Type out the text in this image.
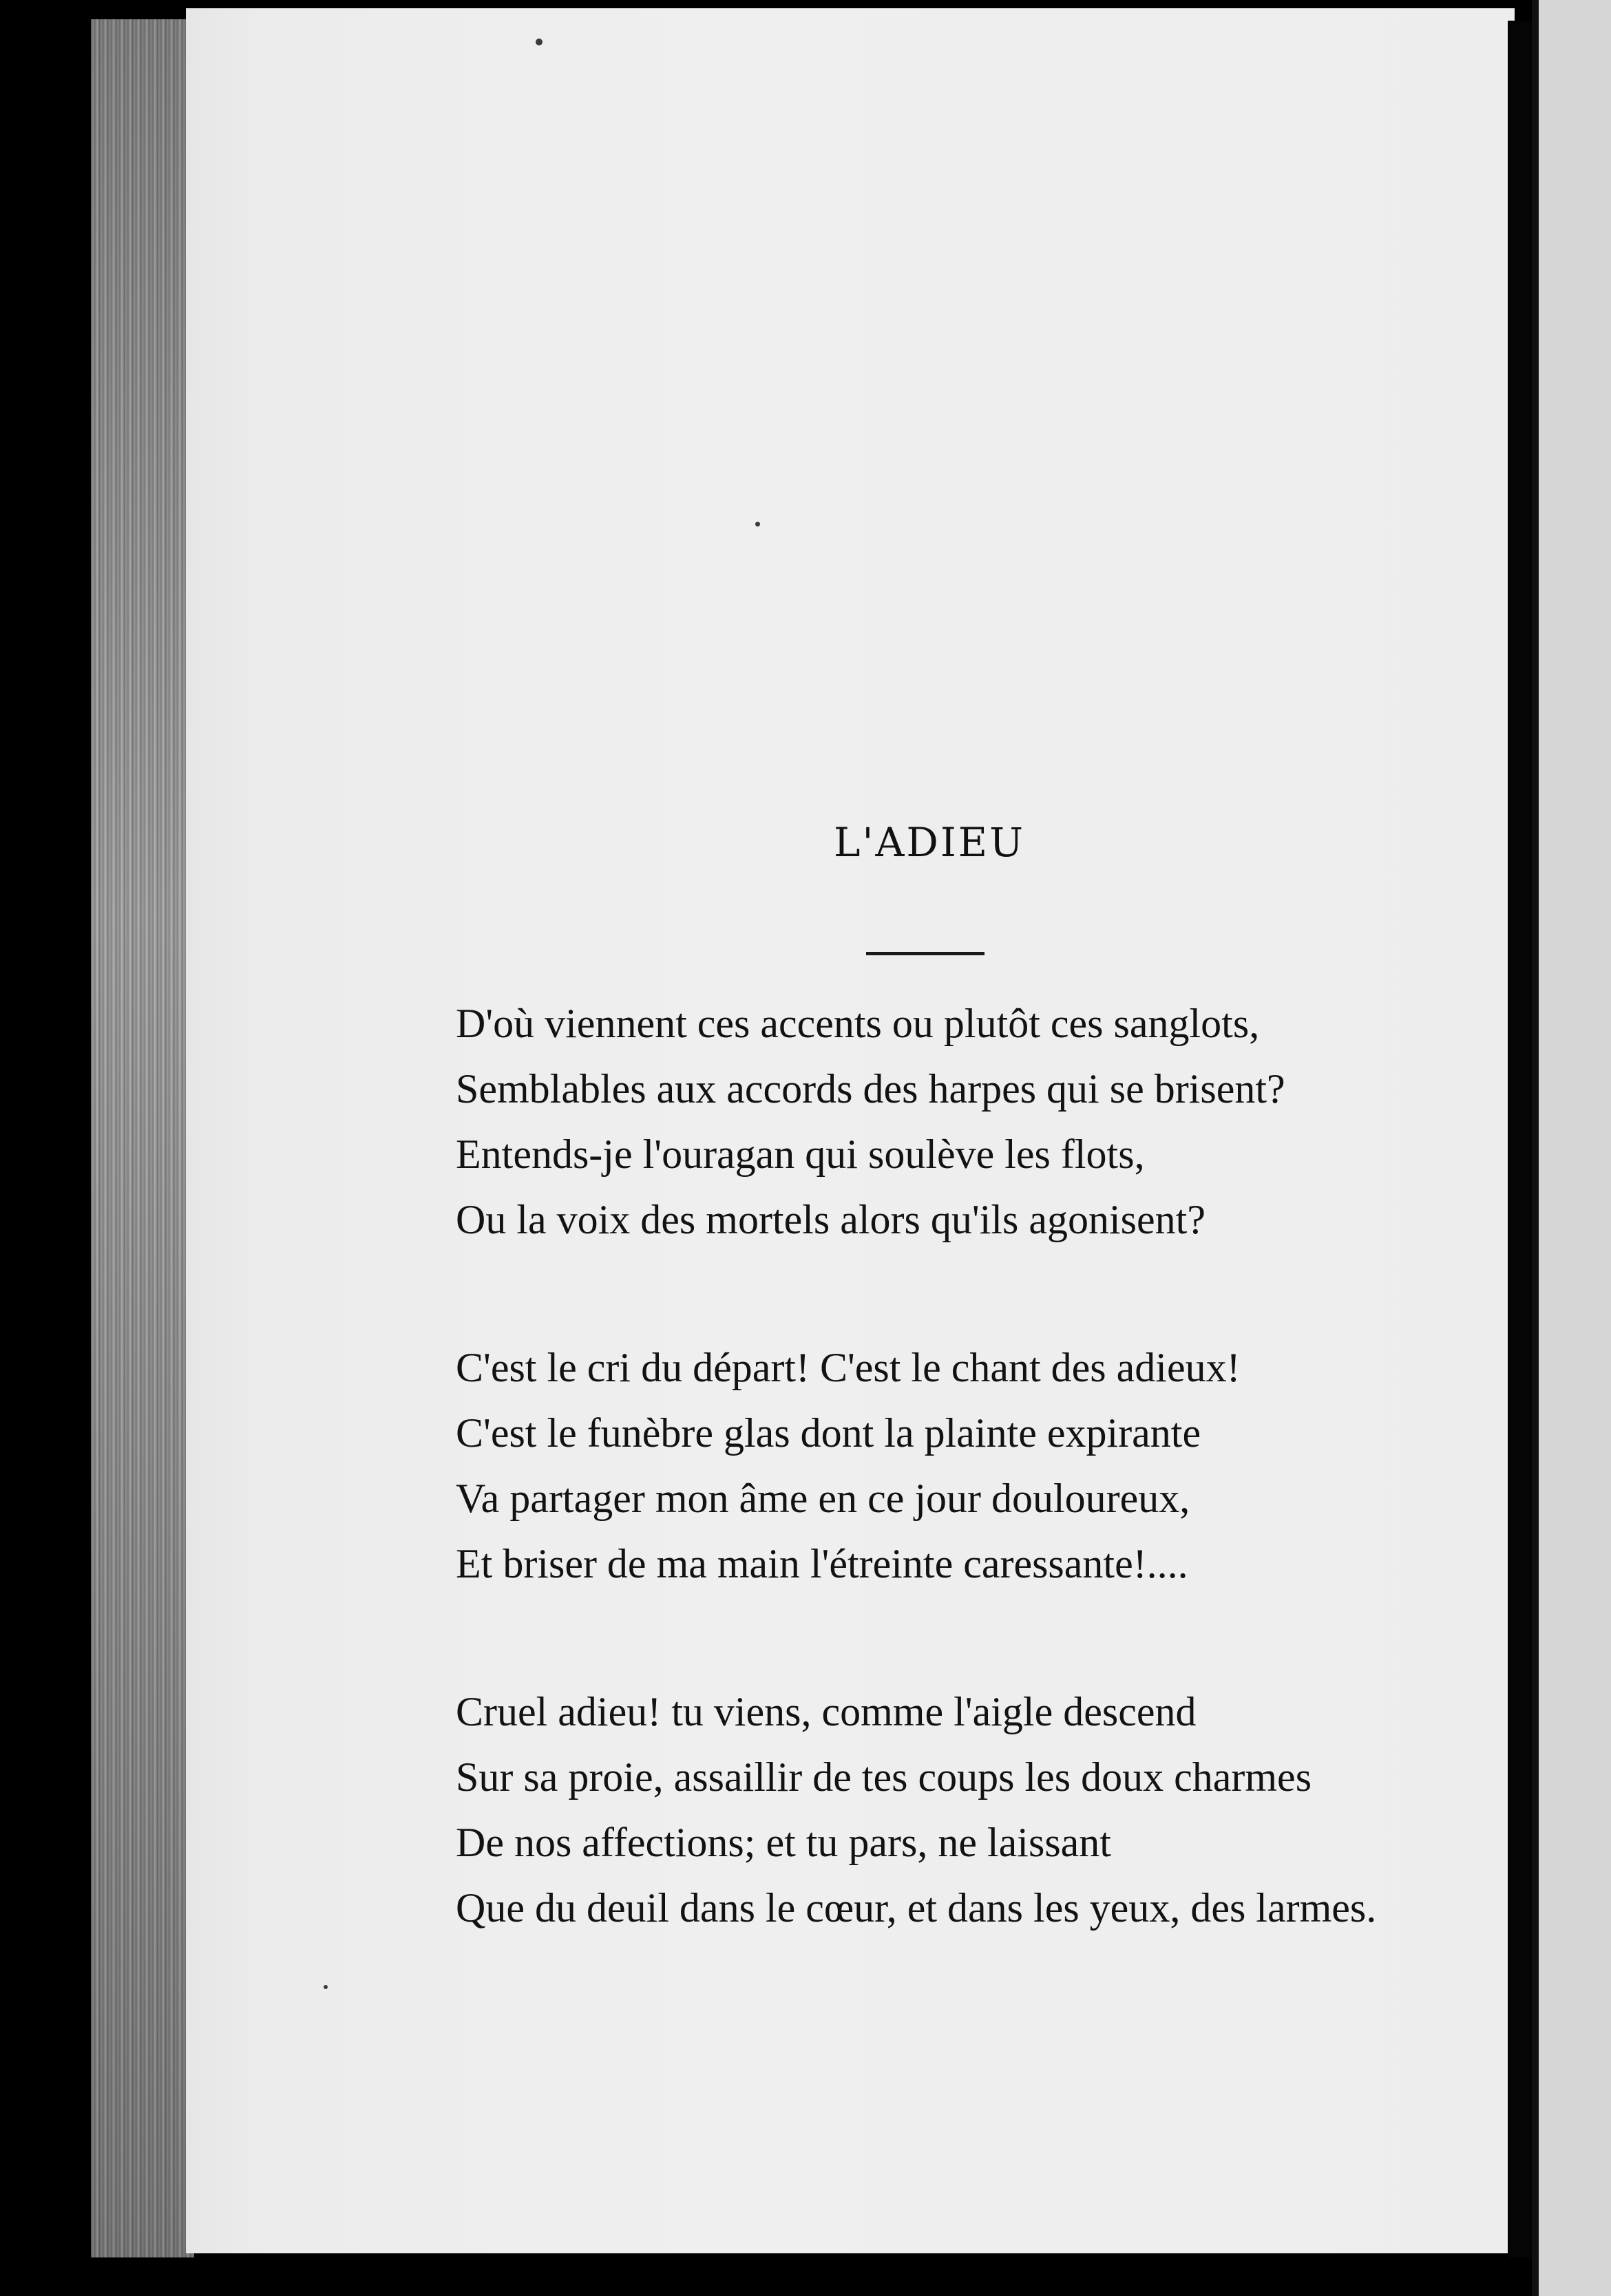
L'ADIEU
D'où viennent ces accents ou plutôt ces sanglots,
Semblables aux accords des harpes qui se brisent?
Entends-je l'ouragan qui soulève les flots,
Ou la voix des mortels alors qu'ils agonisent?
C'est le cri du départ! C'est le chant des adieux!
C'est le funèbre glas dont la plainte expirante
Va partager mon âme en ce jour douloureux,
Et briser de ma main l'étreinte caressante!....
Cruel adieu! tu viens, comme l'aigle descend
Sur sa proie, assaillir de tes coups les doux charmes
De nos affections; et tu pars, ne laissant
Que du deuil dans le cœur, et dans les yeux, des larmes.
